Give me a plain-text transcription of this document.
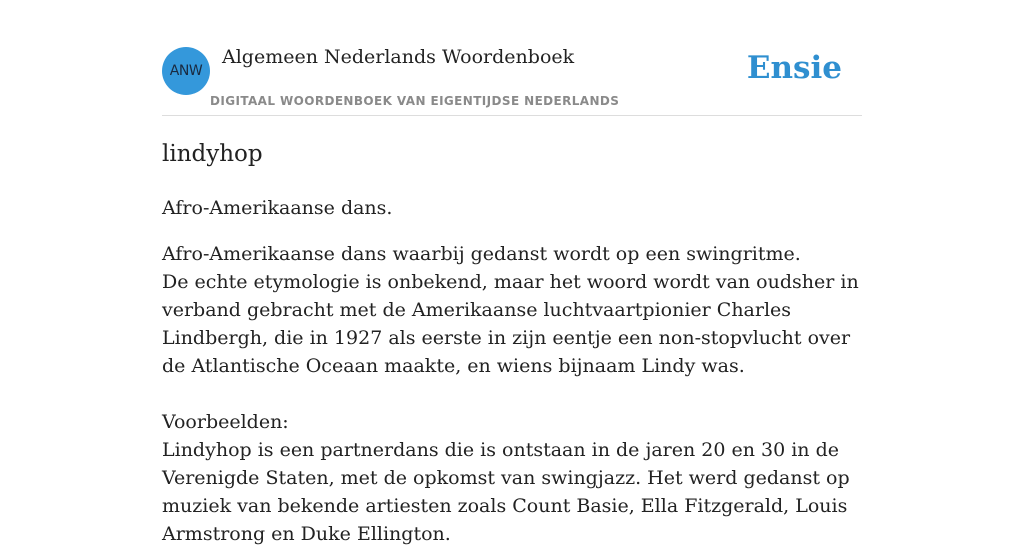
ANW
Algemeen Nederlands Woordenboek
DIGITAAL WOORDENBOEK VAN EIGENTIJDSE NEDERLANDS
Ensie
lindyhop
Afro-Amerikaanse dans.

Afro-Amerikaanse dans waarbij gedanst wordt op een swingritme.

De echte etymologie is onbekend, maar het woord wordt van oudsher in verband gebracht met de Amerikaanse luchtvaartpionier Charles Lindbergh, die in 1927 als eerste in zijn eentje een non-stopvlucht over de Atlantische Oceaan maakte, en wiens bijnaam Lindy was.

Voorbeelden:

Lindyhop is een partnerdans die is ontstaan in de jaren 20 en 30 in de Verenigde Staten, met de opkomst van swingjazz. Het werd gedanst op muziek van bekende artiesten zoals Count Basie, Ella Fitzgerald, Louis Armstrong en Duke Ellington.
